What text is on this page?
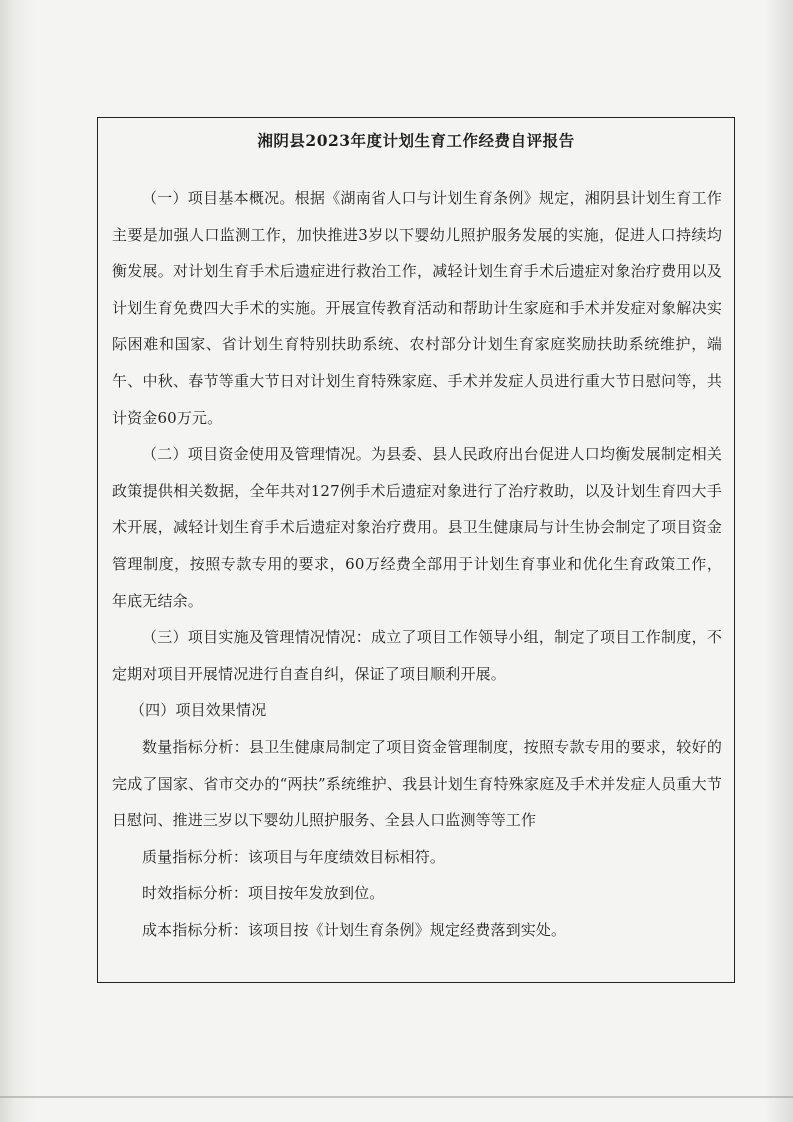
湘阴县2023年度计划生育工作经费自评报告

（一）项目基本概况。根据《湖南省人口与计划生育条例》规定，湘阴县计划生育工作主要是加强人口监测工作，加快推进3岁以下婴幼儿照护服务发展的实施，促进人口持续均衡发展。对计划生育手术后遗症进行救治工作，减轻计划生育手术后遗症对象治疗费用以及计划生育免费四大手术的实施。开展宣传教育活动和帮助计生家庭和手术并发症对象解决实际困难和国家、省计划生育特别扶助系统、农村部分计划生育家庭奖励扶助系统维护，端午、中秋、春节等重大节日对计划生育特殊家庭、手术并发症人员进行重大节日慰问等，共计资金60万元。

（二）项目资金使用及管理情况。为县委、县人民政府出台促进人口均衡发展制定相关政策提供相关数据，全年共对127例手术后遗症对象进行了治疗救助，以及计划生育四大手术开展，减轻计划生育手术后遗症对象治疗费用。县卫生健康局与计生协会制定了项目资金管理制度，按照专款专用的要求，60万经费全部用于计划生育事业和优化生育政策工作，年底无结余。

（三）项目实施及管理情况情况：成立了项目工作领导小组，制定了项目工作制度，不定期对项目开展情况进行自查自纠，保证了项目顺利开展。

（四）项目效果情况

数量指标分析：县卫生健康局制定了项目资金管理制度，按照专款专用的要求，较好的完成了国家、省市交办的“两扶”系统维护、我县计划生育特殊家庭及手术并发症人员重大节日慰问、推进三岁以下婴幼儿照护服务、全县人口监测等等工作

质量指标分析：该项目与年度绩效目标相符。

时效指标分析：项目按年发放到位。

成本指标分析：该项目按《计划生育条例》规定经费落到实处。
